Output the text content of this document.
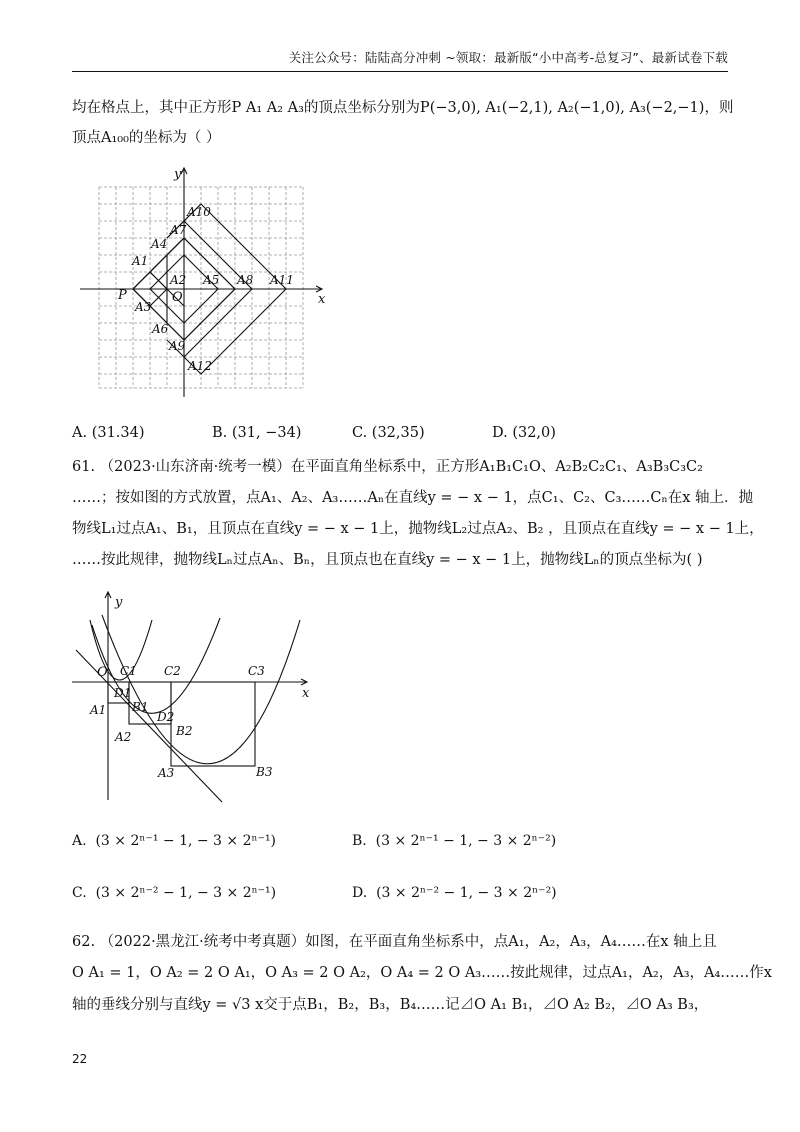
关注公众号：陆陆高分冲刺 ~领取：最新版“小中高考-总复习”、最新试卷下载
均在格点上，其中正方形P A₁ A₂ A₃的顶点坐标分别为P(−3,0), A₁(−2,1), A₂(−1,0), A₃(−2,−1)，则
顶点A₁₀₀的坐标为（ ）
y
x
P	O
A1
A2
A3
A4
A5
A6
A7
A8
A9
A10
A11
A12
A. (31.34)	B. (31, −34)	C. (32,35)	D. (32,0)
61. （2023·山东济南·统考一模）在平面直角坐标系中，正方形A₁B₁C₁O、A₂B₂C₂C₁、A₃B₃C₃C₂
……；按如图的方式放置，点A₁、A₂、A₃……Aₙ在直线y = − x − 1，点C₁、C₂、C₃……Cₙ在x 轴上．抛
物线L₁过点A₁、B₁，且顶点在直线y = − x − 1上，抛物线L₂过点A₂、B₂ ，且顶点在直线y = − x − 1上，
……按此规律，抛物线Lₙ过点Aₙ、Bₙ，且顶点也在直线y = − x − 1上，抛物线Lₙ的顶点坐标为( )
y
x
O C1 C2	C3
D1
D2
A1
A2
A3
B1
B2
B3
A. (3 × 2ⁿ⁻¹ − 1, − 3 × 2ⁿ⁻¹)	B. (3 × 2ⁿ⁻¹ − 1, − 3 × 2ⁿ⁻²)
C. (3 × 2ⁿ⁻² − 1, − 3 × 2ⁿ⁻¹)	D. (3 × 2ⁿ⁻² − 1, − 3 × 2ⁿ⁻²)
62. （2022·黑龙江·统考中考真题）如图，在平面直角坐标系中，点A₁，A₂，A₃，A₄……在x 轴上且
O A₁ = 1，O A₂ = 2 O A₁，O A₃ = 2 O A₂，O A₄ = 2 O A₃……按此规律，过点A₁，A₂，A₃，A₄……作x
轴的垂线分别与直线y = √3 x交于点B₁，B₂，B₃，B₄……记⊿O A₁ B₁，⊿O A₂ B₂，⊿O A₃ B₃，
22
